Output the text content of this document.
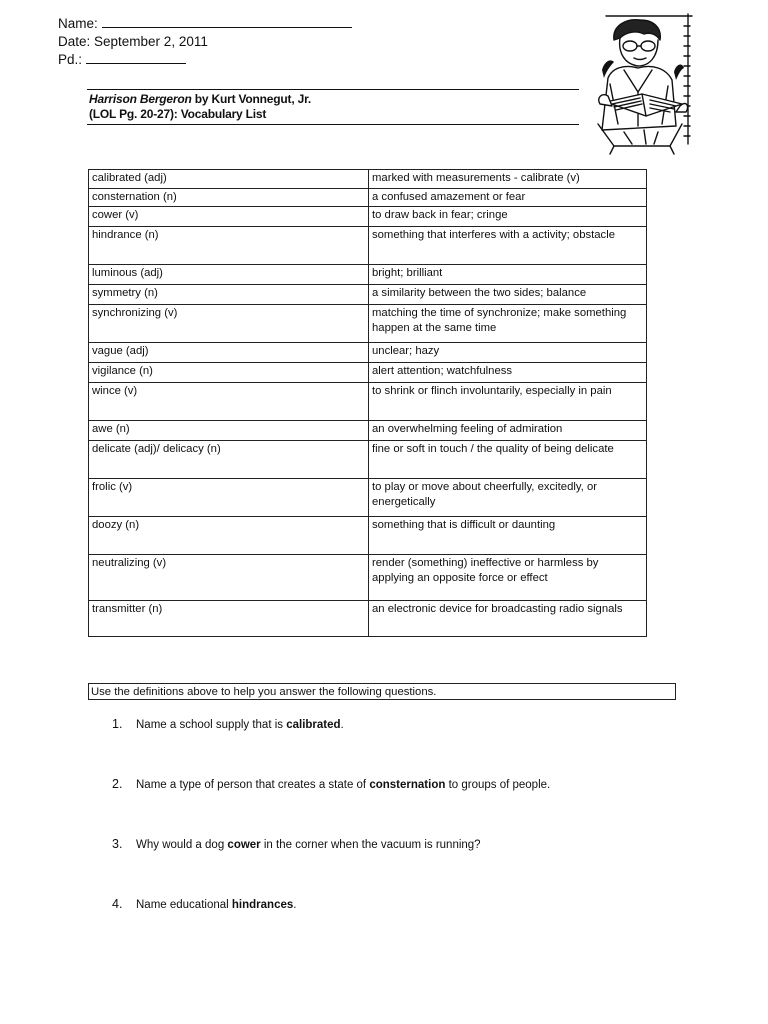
Name:
Date: September 2, 2011
Pd.:
Harrison Bergeron by Kurt Vonnegut, Jr.
(LOL Pg. 20-27): Vocabulary List
calibrated (adj)	marked with measurements - calibrate (v)
consternation (n)	a confused amazement or fear
cower (v)	to draw back in fear; cringe
hindrance (n)	something that interferes with a activity; obstacle
luminous (adj)	bright; brilliant
symmetry (n)	a similarity between the two sides; balance
synchronizing (v)	matching the time of synchronize; make something happen at the same time
vague (adj)	unclear; hazy
vigilance (n)	alert attention; watchfulness
wince (v)	to shrink or flinch involuntarily, especially in pain
awe (n)	an overwhelming feeling of admiration
delicate (adj)/ delicacy (n)	fine or soft in touch / the quality of being delicate
frolic (v)	to play or move about cheerfully, excitedly, or energetically
doozy (n)	something that is difficult or daunting
neutralizing (v)	render (something) ineffective or harmless by applying an opposite force or effect
transmitter (n)	an electronic device for broadcasting radio signals
Use the definitions above to help you answer the following questions.
1. Name a school supply that is calibrated.
2. Name a type of person that creates a state of consternation to groups of people.
3. Why would a dog cower in the corner when the vacuum is running?
4. Name educational hindrances.
